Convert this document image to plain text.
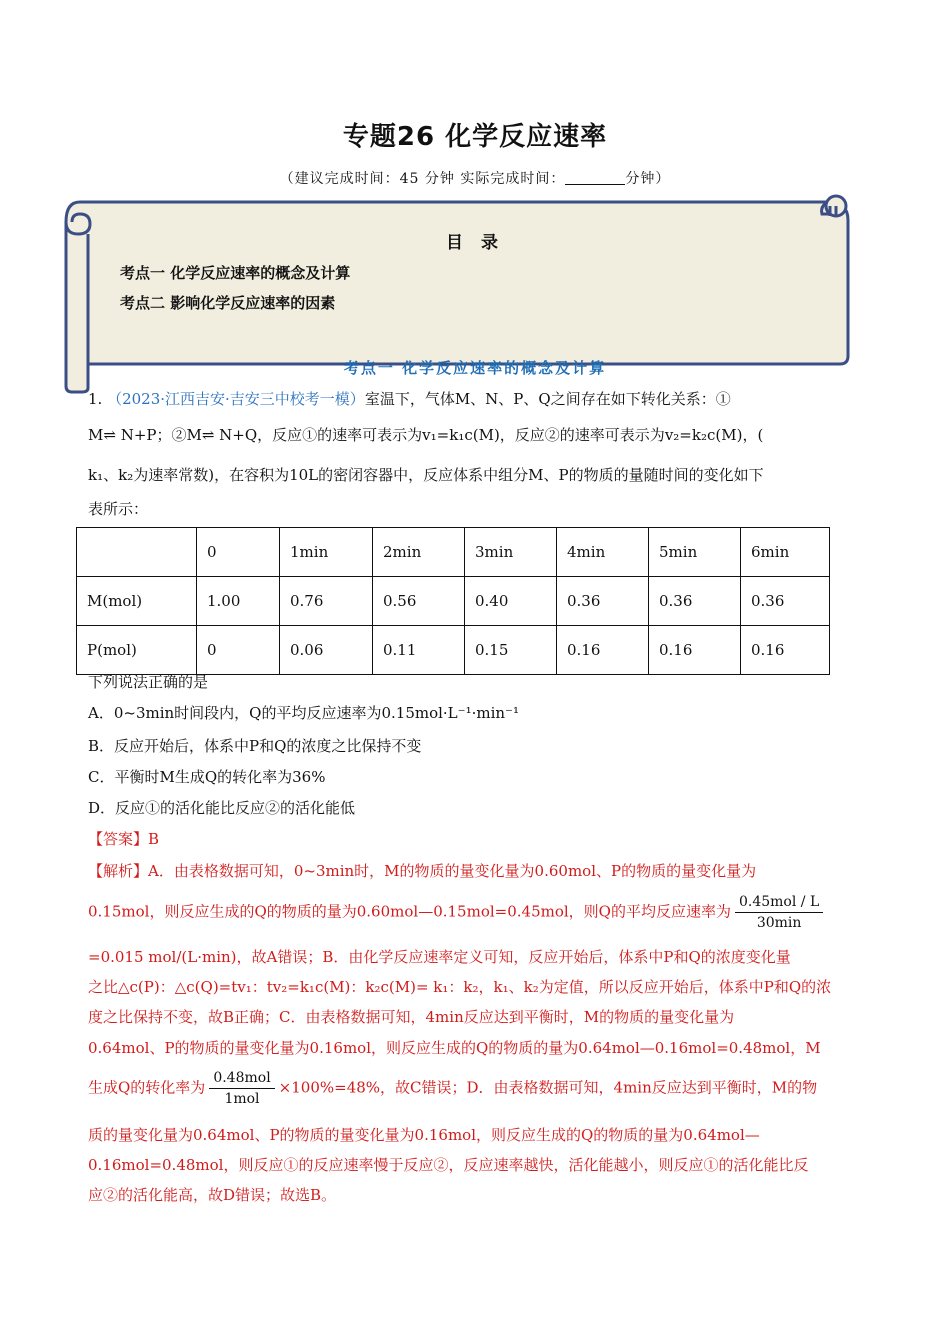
专题26 化学反应速率
（建议完成时间：45 分钟 实际完成时间：	分钟）
目 录
考点一 化学反应速率的概念及计算
考点二 影响化学反应速率的因素
考点一 化学反应速率的概念及计算
1. （2023·江西吉安·吉安三中校考一模）室温下，气体M、N、P、Q之间存在如下转化关系：①
M⇌ N+P；②M⇌ N+Q，反应①的速率可表示为v₁=k₁c(M)，反应②的速率可表示为v₂=k₂c(M)，(
k₁、k₂为速率常数)，在容积为10L的密闭容器中，反应体系中组分M、P的物质的量随时间的变化如下
表所示：
	0	1min	2min	3min	4min	5min	6min
M(mol)	1.00	0.76	0.56	0.40	0.36	0.36	0.36
P(mol)	0	0.06	0.11	0.15	0.16	0.16	0.16
下列说法正确的是
A．0~3min时间段内，Q的平均反应速率为0.15mol·L⁻¹·min⁻¹
B．反应开始后，体系中P和Q的浓度之比保持不变
C．平衡时M生成Q的转化率为36%
D．反应①的活化能比反应②的活化能低
【答案】B
【解析】A．由表格数据可知，0~3min时，M的物质的量变化量为0.60mol、P的物质的量变化量为
0.15mol，则反应生成的Q的物质的量为0.60mol—0.15mol=0.45mol，则Q的平均反应速率为 $\frac{\text{0.45mol / L}}{30\min}$
=0.015 mol/(L·min)，故A错误；B．由化学反应速率定义可知，反应开始后，体系中P和Q的浓度变化量
之比△c(P)：△c(Q)=tv₁：tv₂=k₁c(M)：k₂c(M)= k₁：k₂，k₁、k₂为定值，所以反应开始后，体系中P和Q的浓
度之比保持不变，故B正确；C．由表格数据可知，4min反应达到平衡时，M的物质的量变化量为
0.64mol、P的物质的量变化量为0.16mol，则反应生成的Q的物质的量为0.64mol—0.16mol=0.48mol，M
生成Q的转化率为 $\frac{\text{0.48mol}}{\text{1mol}} \times 100\%=48\%$，故C错误；D．由表格数据可知，4min反应达到平衡时，M的物
质的量变化量为0.64mol、P的物质的量变化量为0.16mol，则反应生成的Q的物质的量为0.64mol—
0.16mol=0.48mol，则反应①的反应速率慢于反应②，反应速率越快，活化能越小，则反应①的活化能比反
应②的活化能高，故D错误；故选B。
